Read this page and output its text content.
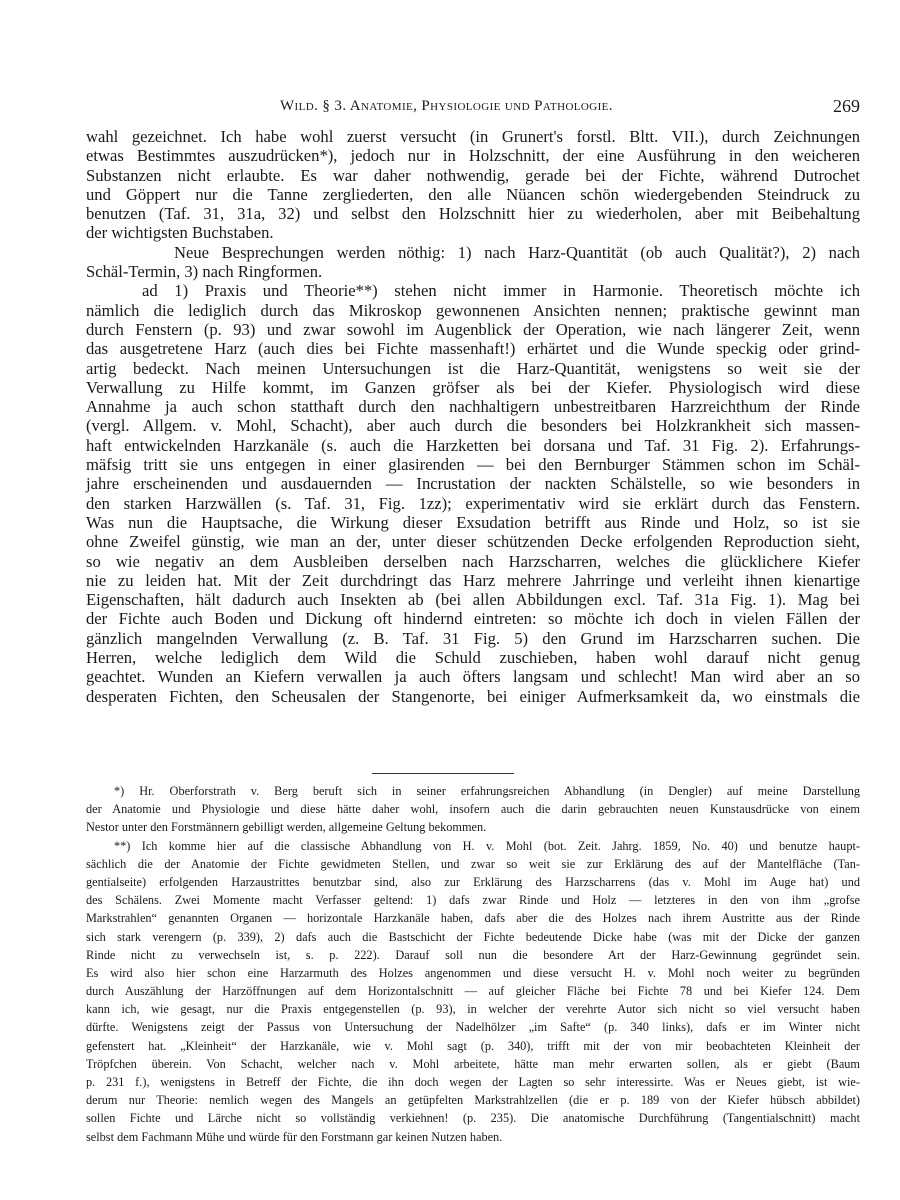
Wild. § 3. Anatomie, Physiologie und Pathologie.	269
wahl gezeichnet. Ich habe wohl zuerst versucht (in Grunert's forstl. Bltt. VII.), durch Zeichnungen
etwas Bestimmtes auszudrücken*), jedoch nur in Holzschnitt, der eine Ausführung in den weicheren
Substanzen nicht erlaubte. Es war daher nothwendig, gerade bei der Fichte, während Dutrochet
und Göppert nur die Tanne zergliederten, den alle Nüancen schön wiedergebenden Steindruck zu
benutzen (Taf. 31, 31a, 32) und selbst den Holzschnitt hier zu wiederholen, aber mit Beibehaltung
der wichtigsten Buchstaben.
Neue Besprechungen werden nöthig: 1) nach Harz-Quantität (ob auch Qualität?), 2) nach
Schäl-Termin, 3) nach Ringformen.
ad 1) Praxis und Theorie**) stehen nicht immer in Harmonie. Theoretisch möchte ich
nämlich die lediglich durch das Mikroskop gewonnenen Ansichten nennen; praktische gewinnt man
durch Fenstern (p. 93) und zwar sowohl im Augenblick der Operation, wie nach längerer Zeit, wenn
das ausgetretene Harz (auch dies bei Fichte massenhaft!) erhärtet und die Wunde speckig oder grind-
artig bedeckt. Nach meinen Untersuchungen ist die Harz-Quantität, wenigstens so weit sie der
Verwallung zu Hilfe kommt, im Ganzen gröfser als bei der Kiefer. Physiologisch wird diese
Annahme ja auch schon statthaft durch den nachhaltigern unbestreitbaren Harzreichthum der Rinde
(vergl. Allgem. v. Mohl, Schacht), aber auch durch die besonders bei Holzkrankheit sich massen-
haft entwickelnden Harzkanäle (s. auch die Harzketten bei dorsana und Taf. 31 Fig. 2). Erfahrungs-
mäfsig tritt sie uns entgegen in einer glasirenden — bei den Bernburger Stämmen schon im Schäl-
jahre erscheinenden und ausdauernden — Incrustation der nackten Schälstelle, so wie besonders in
den starken Harzwällen (s. Taf. 31, Fig. 1zz); experimentativ wird sie erklärt durch das Fenstern.
Was nun die Hauptsache, die Wirkung dieser Exsudation betrifft aus Rinde und Holz, so ist sie
ohne Zweifel günstig, wie man an der, unter dieser schützenden Decke erfolgenden Reproduction sieht,
so wie negativ an dem Ausbleiben derselben nach Harzscharren, welches die glücklichere Kiefer
nie zu leiden hat. Mit der Zeit durchdringt das Harz mehrere Jahrringe und verleiht ihnen kienartige
Eigenschaften, hält dadurch auch Insekten ab (bei allen Abbildungen excl. Taf. 31a Fig. 1). Mag bei
der Fichte auch Boden und Dickung oft hindernd eintreten: so möchte ich doch in vielen Fällen der
gänzlich mangelnden Verwallung (z. B. Taf. 31 Fig. 5) den Grund im Harzscharren suchen. Die
Herren, welche lediglich dem Wild die Schuld zuschieben, haben wohl darauf nicht genug
geachtet. Wunden an Kiefern verwallen ja auch öfters langsam und schlecht! Man wird aber an so
desperaten Fichten, den Scheusalen der Stangenorte, bei einiger Aufmerksamkeit da, wo einstmals die
*) Hr. Oberforstrath v. Berg beruft sich in seiner erfahrungsreichen Abhandlung (in Dengler) auf meine Darstellung
der Anatomie und Physiologie und diese hätte daher wohl, insofern auch die darin gebrauchten neuen Kunstausdrücke von einem
Nestor unter den Forstmännern gebilligt werden, allgemeine Geltung bekommen.
**) Ich komme hier auf die classische Abhandlung von H. v. Mohl (bot. Zeit. Jahrg. 1859, No. 40) und benutze haupt-
sächlich die der Anatomie der Fichte gewidmeten Stellen, und zwar so weit sie zur Erklärung des auf der Mantelfläche (Tan-
gentialseite) erfolgenden Harzaustrittes benutzbar sind, also zur Erklärung des Harzscharrens (das v. Mohl im Auge hat) und
des Schälens. Zwei Momente macht Verfasser geltend: 1) dafs zwar Rinde und Holz — letzteres in den von ihm „grofse
Markstrahlen“ genannten Organen — horizontale Harzkanäle haben, dafs aber die des Holzes nach ihrem Austritte aus der Rinde
sich stark verengern (p. 339), 2) dafs auch die Bastschicht der Fichte bedeutende Dicke habe (was mit der Dicke der ganzen
Rinde nicht zu verwechseln ist, s. p. 222). Darauf soll nun die besondere Art der Harz-Gewinnung gegründet sein.
Es wird also hier schon eine Harzarmuth des Holzes angenommen und diese versucht H. v. Mohl noch weiter zu begründen
durch Auszählung der Harzöffnungen auf dem Horizontalschnitt — auf gleicher Fläche bei Fichte 78 und bei Kiefer 124. Dem
kann ich, wie gesagt, nur die Praxis entgegenstellen (p. 93), in welcher der verehrte Autor sich nicht so viel versucht haben
dürfte. Wenigstens zeigt der Passus von Untersuchung der Nadelhölzer „im Safte“ (p. 340 links), dafs er im Winter nicht
gefenstert hat. „Kleinheit“ der Harzkanäle, wie v. Mohl sagt (p. 340), trifft mit der von mir beobachteten Kleinheit der
Tröpfchen überein. Von Schacht, welcher nach v. Mohl arbeitete, hätte man mehr erwarten sollen, als er giebt (Baum
p. 231 f.), wenigstens in Betreff der Fichte, die ihn doch wegen der Lagten so sehr interessirte. Was er Neues giebt, ist wie-
derum nur Theorie: nemlich wegen des Mangels an getüpfelten Markstrahlzellen (die er p. 189 von der Kiefer hübsch abbildet)
sollen Fichte und Lärche nicht so vollständig verkiehnen! (p. 235). Die anatomische Durchführung (Tangentialschnitt) macht
selbst dem Fachmann Mühe und würde für den Forstmann gar keinen Nutzen haben.
